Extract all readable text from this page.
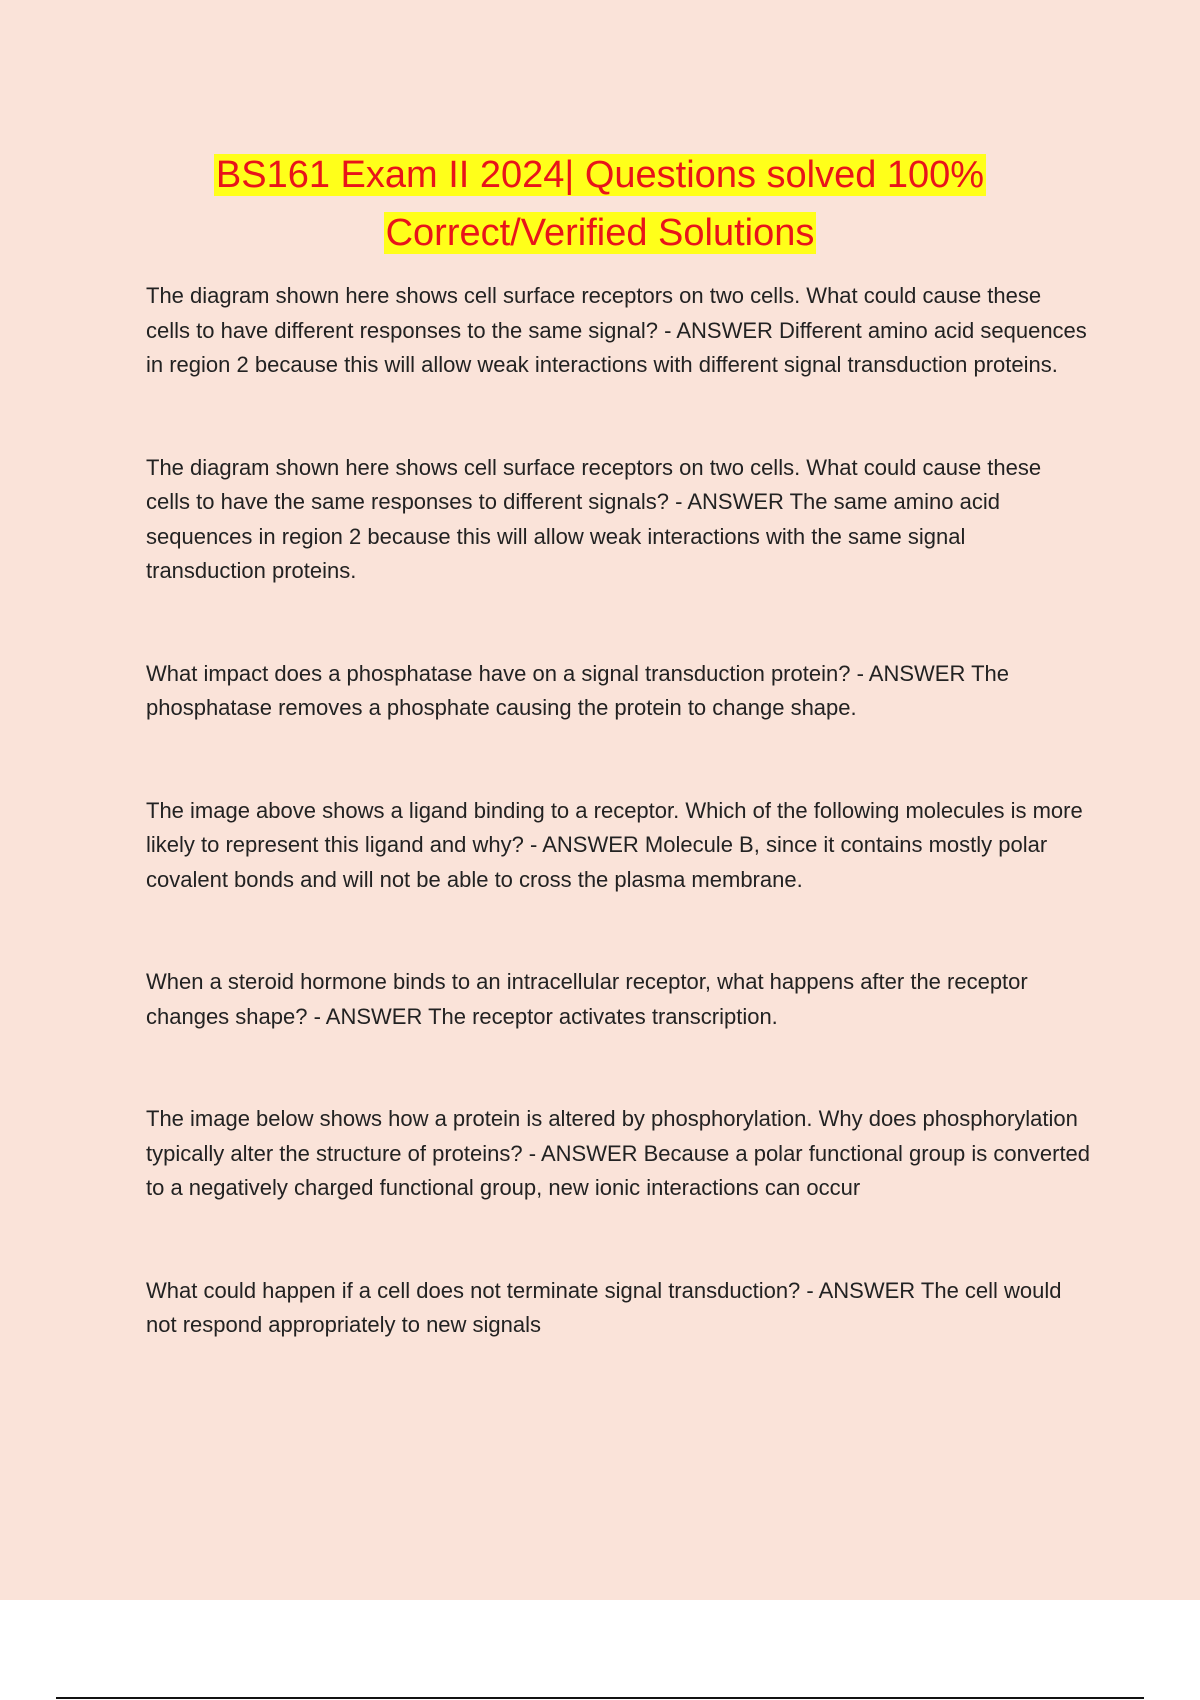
BS161 Exam II 2024| Questions solved 100%
Correct/Verified Solutions

The diagram shown here shows cell surface receptors on two cells. What could cause these cells to have different responses to the same signal? - ANSWER Different amino acid sequences in region 2 because this will allow weak interactions with different signal transduction proteins.

The diagram shown here shows cell surface receptors on two cells. What could cause these cells to have the same responses to different signals? - ANSWER The same amino acid sequences in region 2 because this will allow weak interactions with the same signal transduction proteins.

What impact does a phosphatase have on a signal transduction protein? - ANSWER The phosphatase removes a phosphate causing the protein to change shape.

The image above shows a ligand binding to a receptor. Which of the following molecules is more likely to represent this ligand and why? - ANSWER Molecule B, since it contains mostly polar covalent bonds and will not be able to cross the plasma membrane.

When a steroid hormone binds to an intracellular receptor, what happens after the receptor changes shape? - ANSWER The receptor activates transcription.

The image below shows how a protein is altered by phosphorylation. Why does phosphorylation typically alter the structure of proteins? - ANSWER Because a polar functional group is converted to a negatively charged functional group, new ionic interactions can occur

What could happen if a cell does not terminate signal transduction? - ANSWER The cell would not respond appropriately to new signals
